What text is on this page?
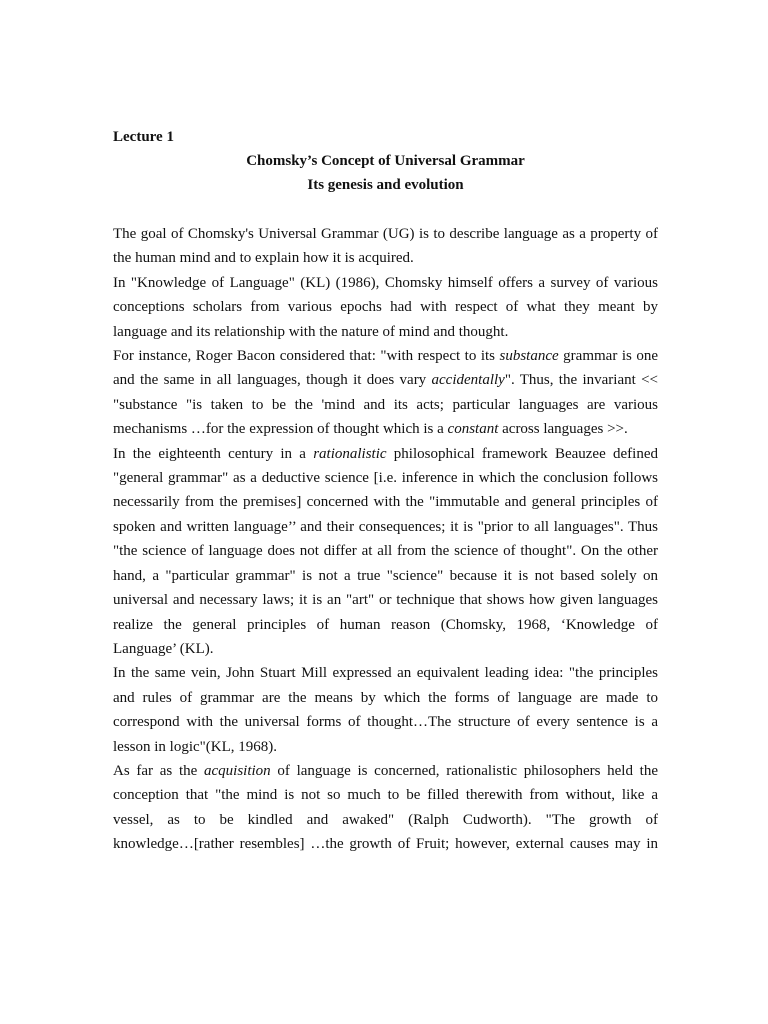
Lecture 1
Chomsky’s Concept of Universal Grammar
Its genesis and evolution
The goal of Chomsky's Universal Grammar (UG) is to describe language as a property of
the human mind and to explain how it is acquired.
In "Knowledge of Language" (KL) (1986), Chomsky himself offers a survey of various
conceptions scholars from various epochs had with respect of what they meant by
language and its relationship with the nature of mind and thought.
For instance, Roger Bacon considered that: "with respect to its substance grammar is one
and the same in all languages, though it does vary accidentally". Thus, the invariant <<
"substance "is taken to be the 'mind and its acts; particular languages are various
mechanisms …for the expression of thought which is a constant across languages >>.
In the eighteenth century in a rationalistic philosophical framework Beauzee defined
"general grammar" as a deductive science [i.e. inference in which the conclusion follows
necessarily from the premises] concerned with the "immutable and general principles of
spoken and written language’’ and their consequences; it is "prior to all languages". Thus
"the science of language does not differ at all from the science of thought". On the other
hand, a "particular grammar" is not a true "science" because it is not based solely on
universal and necessary laws; it is an "art" or technique that shows how given languages
realize the general principles of human reason (Chomsky, 1968, ‘Knowledge of
Language’ (KL).
In the same vein, John Stuart Mill expressed an equivalent leading idea: "the principles
and rules of grammar are the means by which the forms of language are made to
correspond with the universal forms of thought…The structure of every sentence is a
lesson in logic"(KL, 1968).
As far as the acquisition of language is concerned, rationalistic philosophers held the
conception that "the mind is not so much to be filled therewith from without, like a
vessel, as to be kindled and awaked" (Ralph Cudworth). "The growth of
knowledge…[rather resembles] …the growth of Fruit; however, external causes may in
